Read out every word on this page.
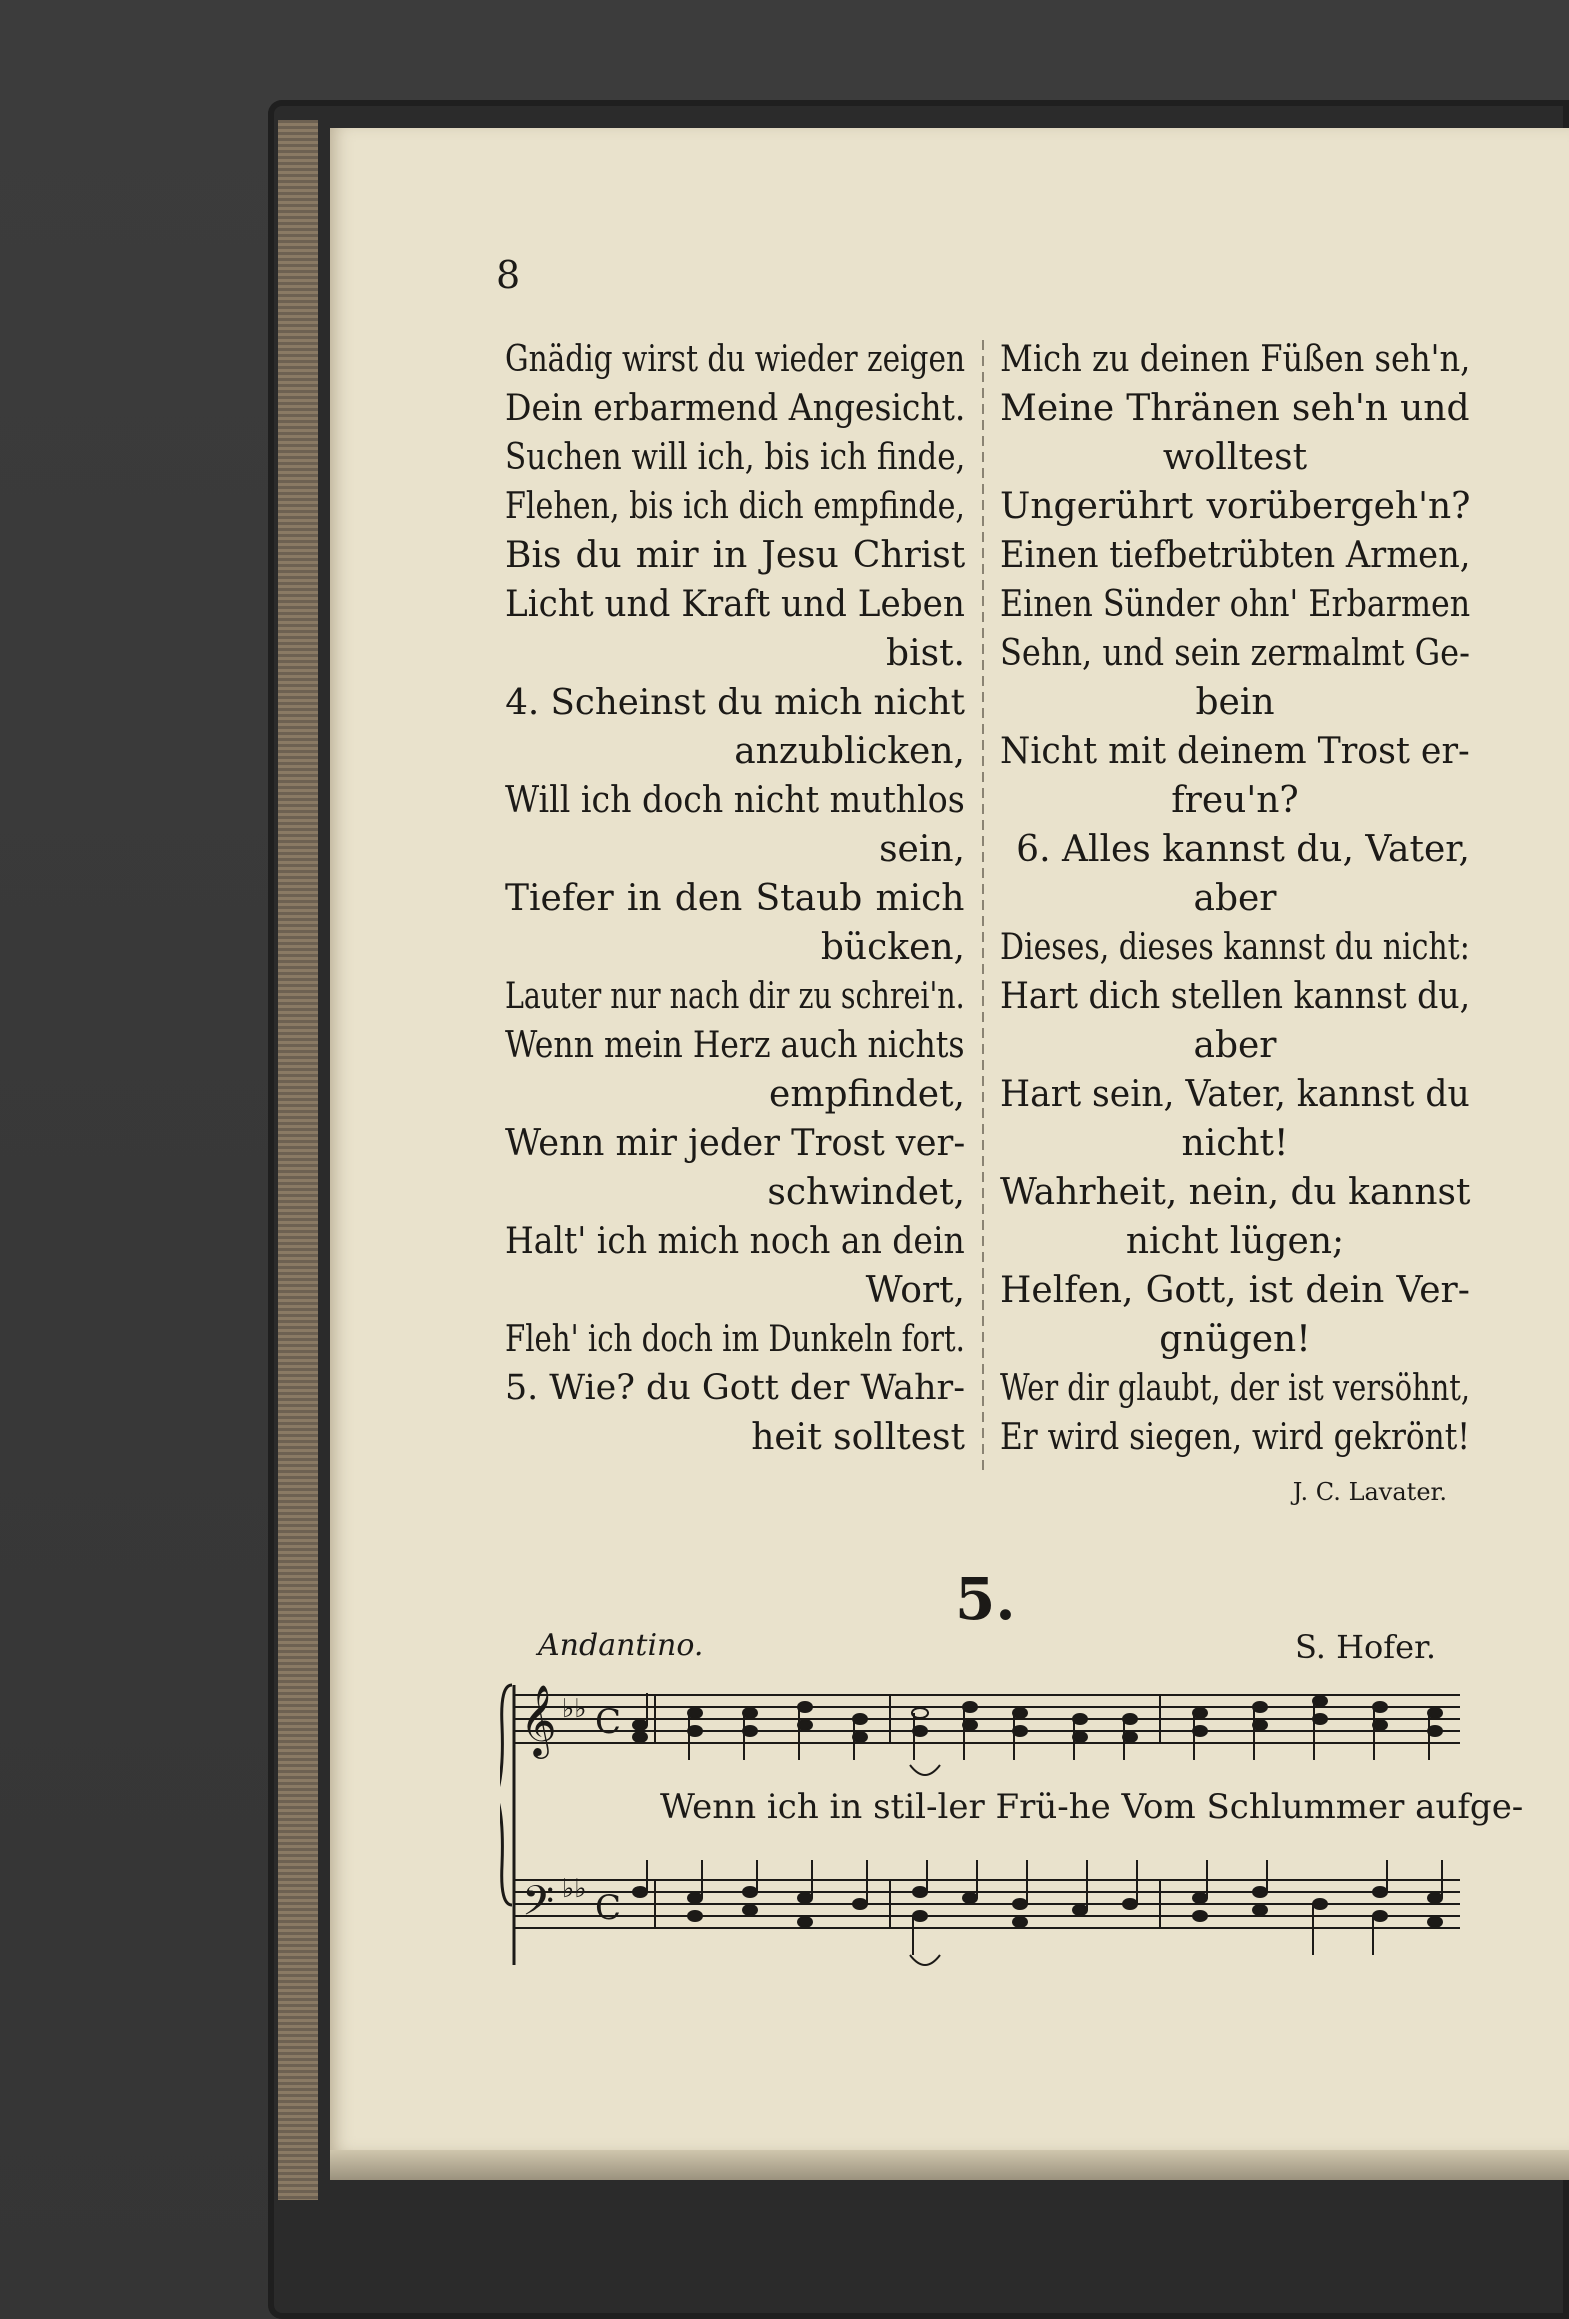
8
Gnädig wirst du wieder zeigen
Dein erbarmend Angesicht.
Suchen will ich, bis ich finde,
Flehen, bis ich dich empfinde,
Bis du mir in Jesu Christ
Licht und Kraft und Leben
bist.
4. Scheinst du mich nicht
anzublicken,
Will ich doch nicht muthlos
sein,
Tiefer in den Staub mich
bücken,
Lauter nur nach dir zu schrei'n.
Wenn mein Herz auch nichts
empfindet,
Wenn mir jeder Trost ver-
schwindet,
Halt' ich mich noch an dein
Wort,
Fleh' ich doch im Dunkeln fort.
5. Wie? du Gott der Wahr-
heit solltest
Mich zu deinen Füßen seh'n,
Meine Thränen seh'n und
wolltest
Ungerührt vorübergeh'n?
Einen tiefbetrübten Armen,
Einen Sünder ohn' Erbarmen
Sehn, und sein zermalmt Ge-
bein
Nicht mit deinem Trost er-
freu'n?
6. Alles kannst du, Vater,
aber
Dieses, dieses kannst du nicht:
Hart dich stellen kannst du,
aber
Hart sein, Vater, kannst du
nicht!
Wahrheit, nein, du kannst
nicht lügen;
Helfen, Gott, ist dein Ver-
gnügen!
Wer dir glaubt, der ist versöhnt,
Er wird siegen, wird gekrönt!
J. C. Lavater.
5.
Andantino.	S. Hofer.
𝄞
𝄢
♭♭
♭♭
C
C
Wenn ich in stil-ler Frü-he Vom Schlummer aufge-
